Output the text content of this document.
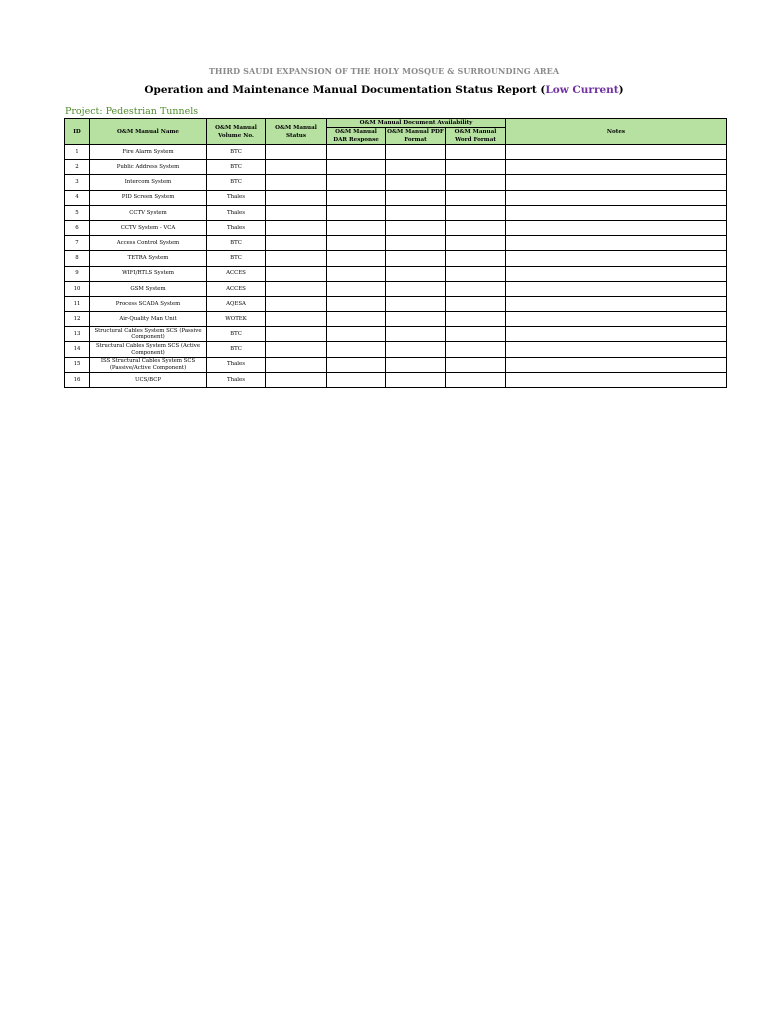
THIRD SAUDI EXPANSION OF THE HOLY MOSQUE & SURROUNDING AREA
Operation and Maintenance Manual Documentation Status Report (Low Current)
Project: Pedestrian Tunnels
ID	O&M Manual Name	O&M Manual Volume No.	O&M Manual Status	O&M Manual Document Availability			Notes
				O&M Manual DAR Response	O&M Manual PDF Format	O&M Manual Word Format	
1	Fire Alarm System	BTC					
2	Public Address System	BTC					
3	Intercom System	BTC					
4	PID Screen System	Thales					
5	CCTV System	Thales					
6	CCTV System - VCA	Thales					
7	Access Control System	BTC					
8	TETRA System	BTC					
9	WIFI/RTLS System	ACCES					
10	GSM System	ACCES					
11	Process SCADA System	AQESA					
12	Air-Quality Man Unit	WOTEK					
13	Structural Cables System SCS (Passive Component)	BTC					
14	Structural Cables System SCS (Active Component)	BTC					
15	ISS Structural Cables System SCS (Passive/Active Component)	Thales					
16	UCS/BCP	Thales					
